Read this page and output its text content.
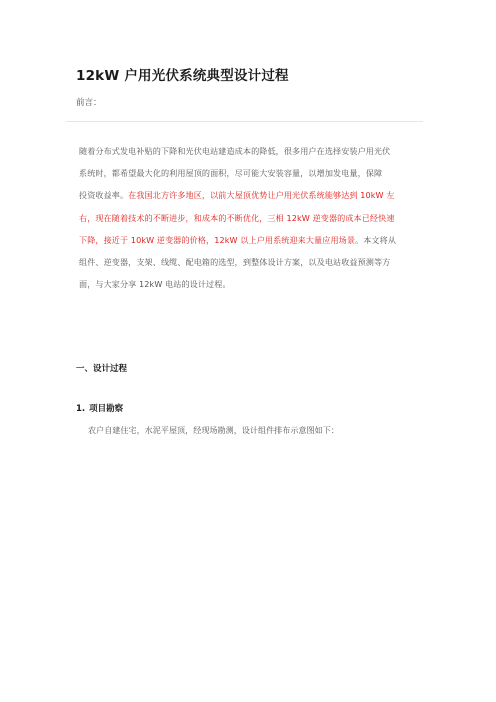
12kW 户用光伏系统典型设计过程
前言：
随着分布式发电补贴的下降和光伏电站建造成本的降低，很多用户在选择安装户用光伏
系统时，都希望最大化的利用屋顶的面积，尽可能大安装容量，以增加发电量，保障
投资收益率。在我国北方许多地区，以前大屋顶优势让户用光伏系统能够达到 10kW 左
右，现在随着技术的不断进步，和成本的不断优化，三相 12kW 逆变器的成本已经快速
下降，接近于 10kW 逆变器的价格，12kW 以上户用系统迎来大量应用场景。本文将从
组件、逆变器，支架、线缆、配电箱的选型，到整体设计方案，以及电站收益预测等方
面，与大家分享 12kW 电站的设计过程。
一、设计过程
1. 项目勘察
农户自建住宅，水泥平屋顶，经现场勘测，设计组件排布示意图如下：
